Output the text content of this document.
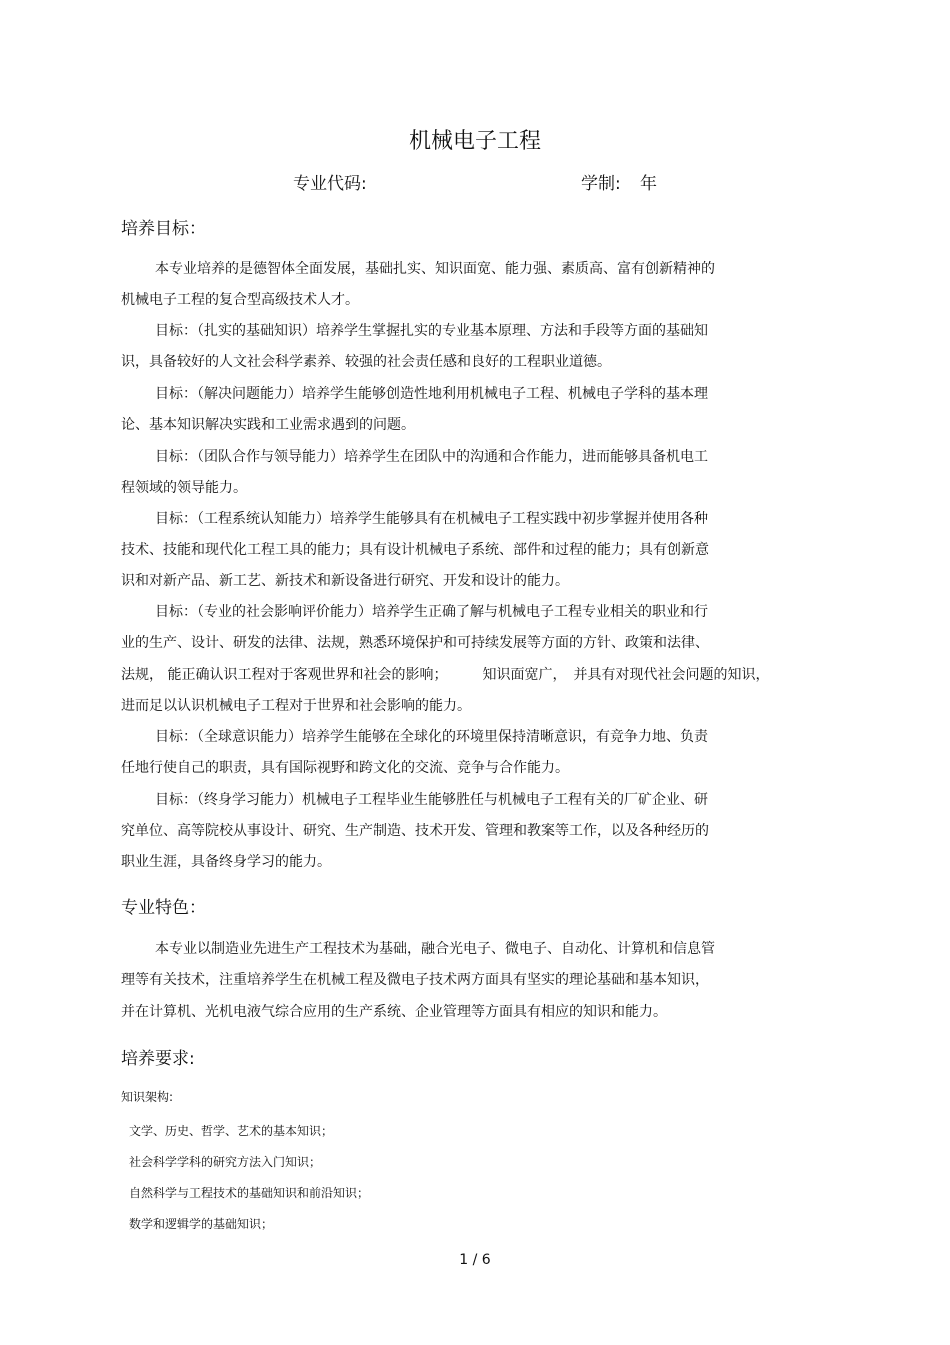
机械电子工程
专业代码:	学制: 年
培养目标：
本专业培养的是德智体全面发展，基础扎实、知识面宽、能力强、素质高、富有创新精神的
机械电子工程的复合型高级技术人才。
目标：（扎实的基础知识）培养学生掌握扎实的专业基本原理、方法和手段等方面的基础知
识，具备较好的人文社会科学素养、较强的社会责任感和良好的工程职业道德。
目标：（解决问题能力）培养学生能够创造性地利用机械电子工程、机械电子学科的基本理
论、基本知识解决实践和工业需求遇到的问题。
目标：（团队合作与领导能力）培养学生在团队中的沟通和合作能力，进而能够具备机电工
程领域的领导能力。
目标：（工程系统认知能力）培养学生能够具有在机械电子工程实践中初步掌握并使用各种
技术、技能和现代化工程工具的能力；具有设计机械电子系统、部件和过程的能力；具有创新意
识和对新产品、新工艺、新技术和新设备进行研究、开发和设计的能力。
目标：（专业的社会影响评价能力）培养学生正确了解与机械电子工程专业相关的职业和行
业的生产、设计、研发的法律、法规，熟悉环境保护和可持续发展等方面的方针、政策和法律、
法规， 能正确认识工程对于客观世界和社会的影响；　　　知识面宽广，　并具有对现代社会问题的知识，
进而足以认识机械电子工程对于世界和社会影响的能力。
目标：（全球意识能力）培养学生能够在全球化的环境里保持清晰意识，有竞争力地、负责
任地行使自己的职责，具有国际视野和跨文化的交流、竞争与合作能力。
目标：（终身学习能力）机械电子工程毕业生能够胜任与机械电子工程有关的厂矿企业、研
究单位、高等院校从事设计、研究、生产制造、技术开发、管理和教案等工作，以及各种经历的
职业生涯，具备终身学习的能力。
专业特色：
本专业以制造业先进生产工程技术为基础，融合光电子、微电子、自动化、计算机和信息管
理等有关技术，注重培养学生在机械工程及微电子技术两方面具有坚实的理论基础和基本知识，
并在计算机、光机电液气综合应用的生产系统、企业管理等方面具有相应的知识和能力。
培养要求:
知识架构:
文学、历史、哲学、艺术的基本知识；
社会科学学科的研究方法入门知识；
自然科学与工程技术的基础知识和前沿知识；
数学和逻辑学的基础知识；
1 / 6
